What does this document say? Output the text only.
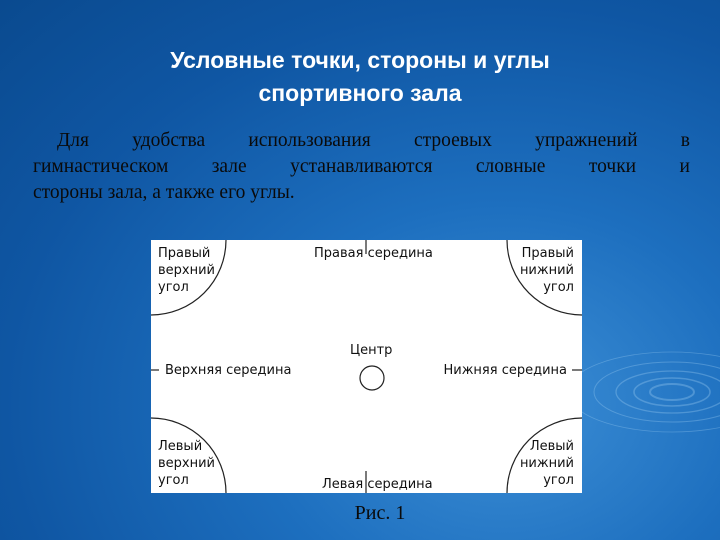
Условные точки, стороны и углы
спортивного зала
Для удобства использования строевых упражнений в
гимнастическом зале устанавливаются словные точки и
стороны зала, а также его углы.
Правый
верхний
угол
Правая середина	Правый
нижний
угол
Центр
Верхняя середина	Нижняя середина
Левый
верхний
угол	Левая середина
Левый
нижний
угол
Рис. 1
